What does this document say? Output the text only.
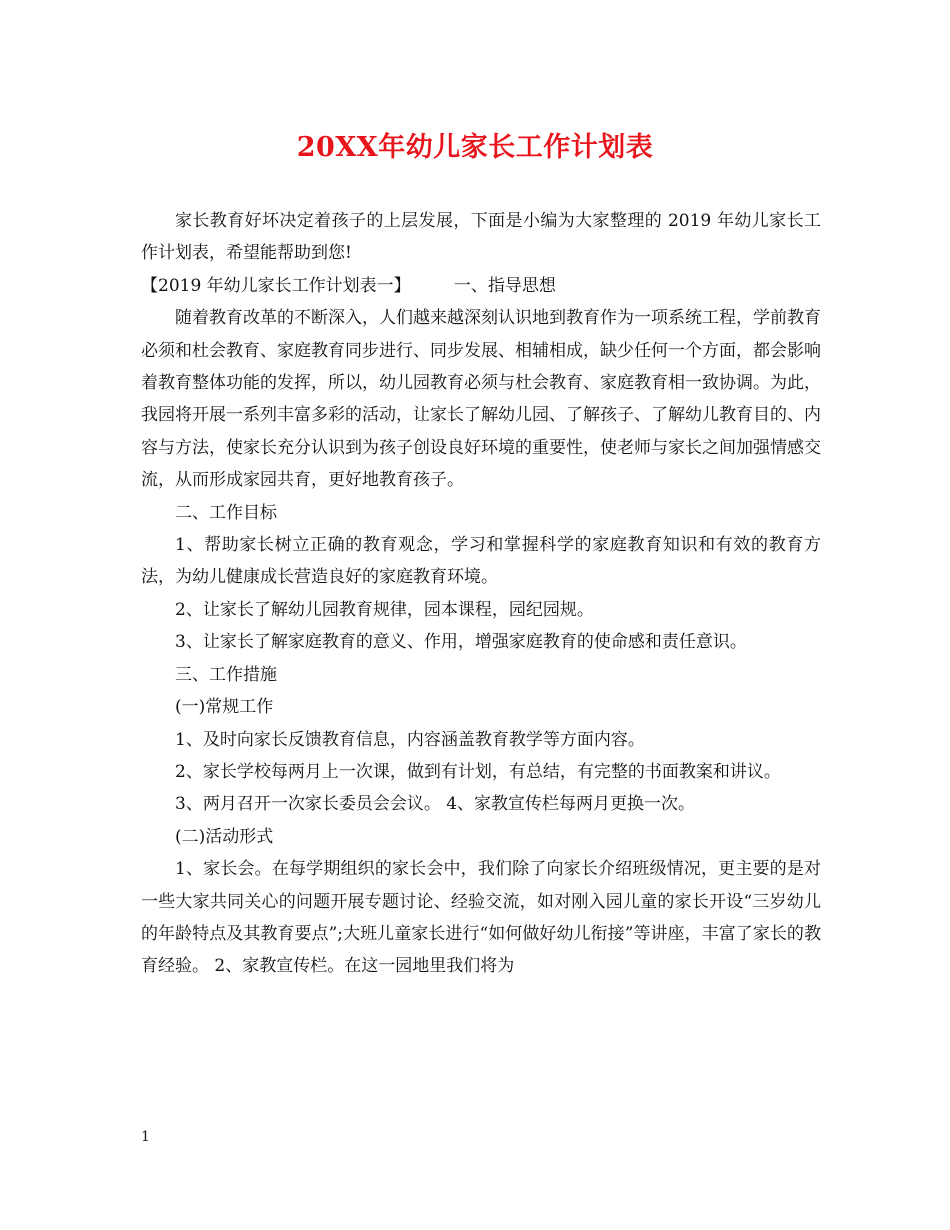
20XX年幼儿家长工作计划表

家长教育好坏决定着孩子的上层发展，下面是小编为大家整理的 2019 年幼儿家长工作计划表，希望能帮助到您!

【2019 年幼儿家长工作计划表一】        一、指导思想

随着教育改革的不断深入，人们越来越深刻认识地到教育作为一项系统工程，学前教育必须和杜会教育、家庭教育同步进行、同步发展、相辅相成，缺少任何一个方面，都会影响着教育整体功能的发挥，所以，幼儿园教育必须与杜会教育、家庭教育相一致协调。为此，我园将开展一系列丰富多彩的活动，让家长了解幼儿园、了解孩子、了解幼儿教育目的、内容与方法，使家长充分认识到为孩子创设良好环境的重要性，使老师与家长之间加强情感交流，从而形成家园共育，更好地教育孩子。

二、工作目标

1、帮助家长树立正确的教育观念，学习和掌握科学的家庭教育知识和有效的教育方法，为幼儿健康成长营造良好的家庭教育环境。

2、让家长了解幼儿园教育规律，园本课程，园纪园规。

3、让家长了解家庭教育的意义、作用，增强家庭教育的使命感和责任意识。

三、工作措施

(一)常规工作

1、及时向家长反馈教育信息，内容涵盖教育教学等方面内容。

2、家长学校每两月上一次课，做到有计划，有总结，有完整的书面教案和讲议。

3、两月召开一次家长委员会会议。 4、家教宣传栏每两月更换一次。

(二)活动形式

1、家长会。在每学期组织的家长会中，我们除了向家长介绍班级情况，更主要的是对一些大家共同关心的问题开展专题讨论、经验交流，如对刚入园儿童的家长开设“三岁幼儿的年龄特点及其教育要点”;大班儿童家长进行“如何做好幼儿衔接”等讲座，丰富了家长的教育经验。 2、家教宣传栏。在这一园地里我们将为

1
